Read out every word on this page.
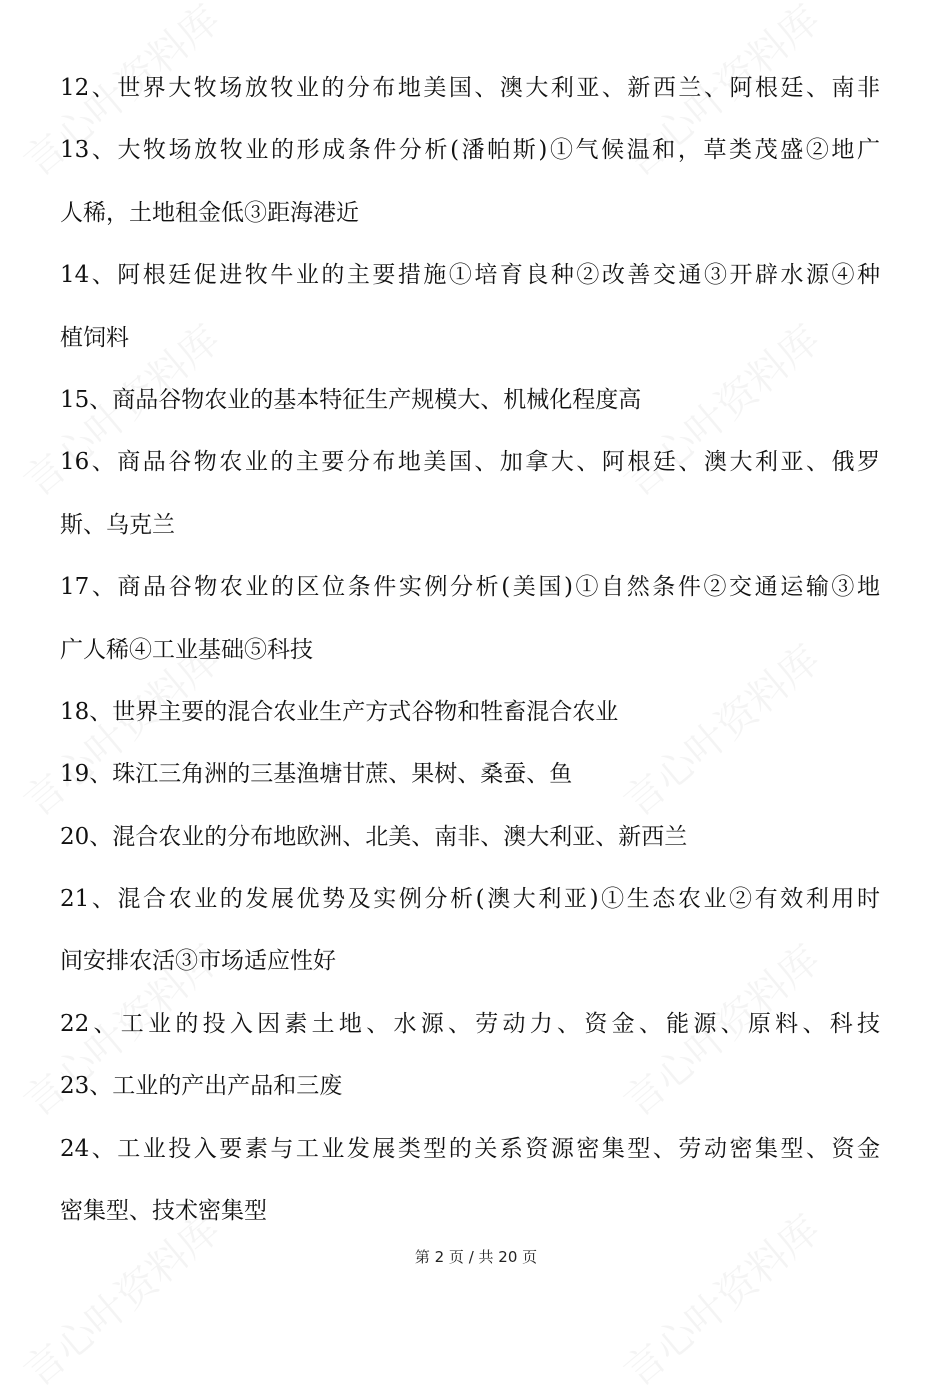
12、世界大牧场放牧业的分布地美国、澳大利亚、新西兰、阿根廷、南非
13、大牧场放牧业的形成条件分析(潘帕斯)①气候温和，草类茂盛②地广
人稀，土地租金低③距海港近
14、阿根廷促进牧牛业的主要措施①培育良种②改善交通③开辟水源④种
植饲料
15、商品谷物农业的基本特征生产规模大、机械化程度高
16、商品谷物农业的主要分布地美国、加拿大、阿根廷、澳大利亚、俄罗
斯、乌克兰
17、商品谷物农业的区位条件实例分析(美国)①自然条件②交通运输③地
广人稀④工业基础⑤科技
18、世界主要的混合农业生产方式谷物和牲畜混合农业
19、珠江三角洲的三基渔塘甘蔗、果树、桑蚕、鱼
20、混合农业的分布地欧洲、北美、南非、澳大利亚、新西兰
21、混合农业的发展优势及实例分析(澳大利亚)①生态农业②有效利用时
间安排农活③市场适应性好
22、工业的投入因素土地、水源、劳动力、资金、能源、原料、科技
23、工业的产出产品和三废
24、工业投入要素与工业发展类型的关系资源密集型、劳动密集型、资金
密集型、技术密集型
第 2 页 / 共 20 页
